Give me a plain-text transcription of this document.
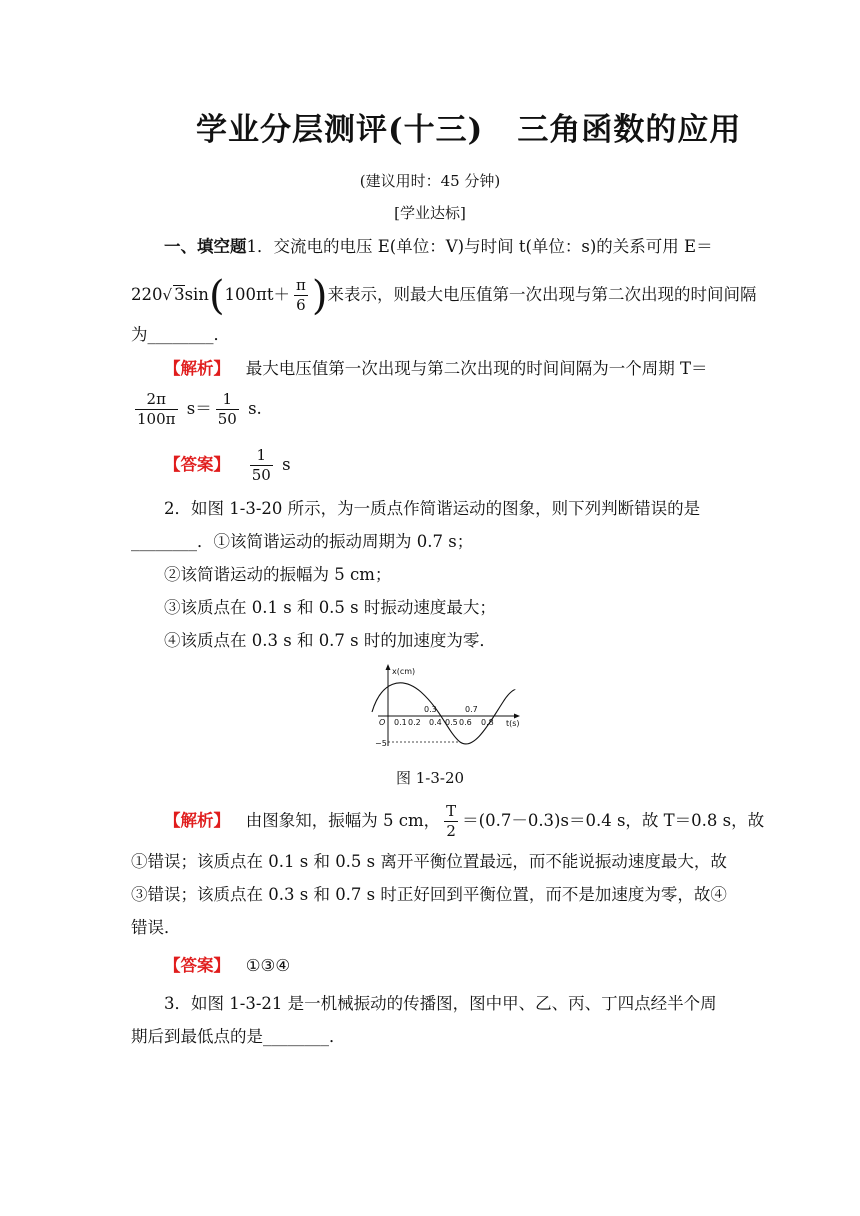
学业分层测评(十三) 三角函数的应用
(建议用时：45 分钟)
[学业达标]
一、填空题1．交流电的电压 E(单位：V)与时间 t(单位：s)的关系可用 E＝
220√ $3\sin(100\pi t+ \frac{\pi}{6}$ )来表示，则最大电压值第一次出现与第二次出现的时间间隔
为________．
【解析】 最大电压值第一次出现与第二次出现的时间间隔为一个周期 T＝
$\frac{2\pi}{100\pi} s= \frac{1}{50} s$.
【答案】 $\frac{1}{50}$ s
2．如图 1-3-20 所示，为一质点作简谐运动的图象，则下列判断错误的是
________．①该简谐运动的振动周期为 0.7 s；
②该简谐运动的振幅为 5 cm；
③该质点在 0.1 s 和 0.5 s 时振动速度最大；
④该质点在 0.3 s 和 0.7 s 时的加速度为零．
x(cm)
t(s)
O
−5
0.1 0.2
0.3
0.4 0.5 0.6
0.7
0.8
图 1-3-20
【解析】 由图象知，振幅为 5 cm， $\frac{T}{2} =(0.7-0.3)s=0.4$ s，故 T＝0.8 s，故
①错误；该质点在 0.1 s 和 0.5 s 离开平衡位置最远，而不能说振动速度最大，故
③错误；该质点在 0.3 s 和 0.7 s 时正好回到平衡位置，而不是加速度为零，故④
错误．
【答案】 ①③④
3．如图 1-3-21 是一机械振动的传播图，图中甲、乙、丙、丁四点经半个周
期后到最低点的是________．
